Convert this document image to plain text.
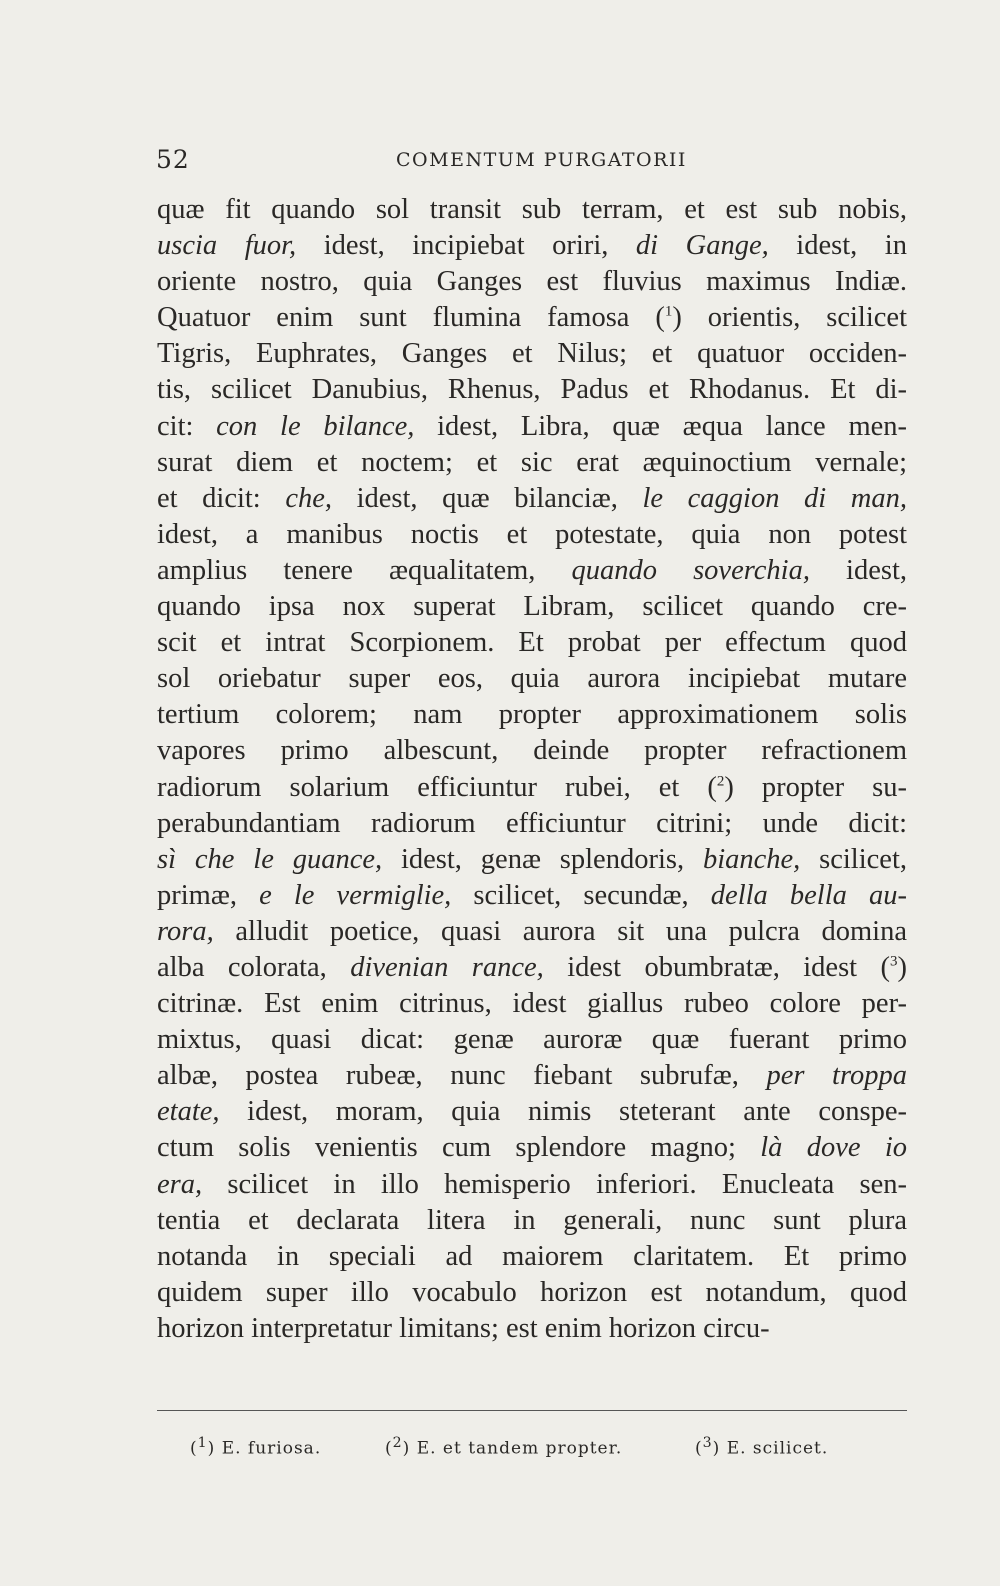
52	COMENTUM PURGATORII
quæ fit quando sol transit sub terram, et est sub nobis,
uscia fuor, idest, incipiebat oriri, di Gange, idest, in
oriente nostro, quia Ganges est fluvius maximus Indiæ.
Quatuor enim sunt flumina famosa ($^1$) orientis, scilicet
Tigris, Euphrates, Ganges et Nilus; et quatuor occiden-
tis, scilicet Danubius, Rhenus, Padus et Rhodanus. Et di-
cit: con le bilance, idest, Libra, quæ æqua lance men-
surat diem et noctem; et sic erat æquinoctium vernale;
et dicit: che, idest, quæ bilanciæ, le caggion di man,
idest, a manibus noctis et potestate, quia non potest
amplius tenere æqualitatem, quando soverchia, idest,
quando ipsa nox superat Libram, scilicet quando cre-
scit et intrat Scorpionem. Et probat per effectum quod
sol oriebatur super eos, quia aurora incipiebat mutare
tertium colorem; nam propter approximationem solis
vapores primo albescunt, deinde propter refractionem
radiorum solarium efficiuntur rubei, et ($^2$) propter su-
perabundantiam radiorum efficiuntur citrini; unde dicit:
sì che le guance, idest, genæ splendoris, bianche, scilicet,
primæ, e le vermiglie, scilicet, secundæ, della bella au-
rora, alludit poetice, quasi aurora sit una pulcra domina
alba colorata, divenian rance, idest obumbratæ, idest ($^3$)
citrinæ. Est enim citrinus, idest giallus rubeo colore per-
mixtus, quasi dicat: genæ auroræ quæ fuerant primo
albæ, postea rubeæ, nunc fiebant subrufæ, per troppa
etate, idest, moram, quia nimis steterant ante conspe-
ctum solis venientis cum splendore magno; là dove io
era, scilicet in illo hemisperio inferiori. Enucleata sen-
tentia et declarata litera in generali, nunc sunt plura
notanda in speciali ad maiorem claritatem. Et primo
quidem super illo vocabulo horizon est notandum, quod
horizon interpretatur limitans; est enim horizon circu-
($^1$) E. furiosa.	($^2$) E. et tandem propter.	($^3$) E. scilicet.
